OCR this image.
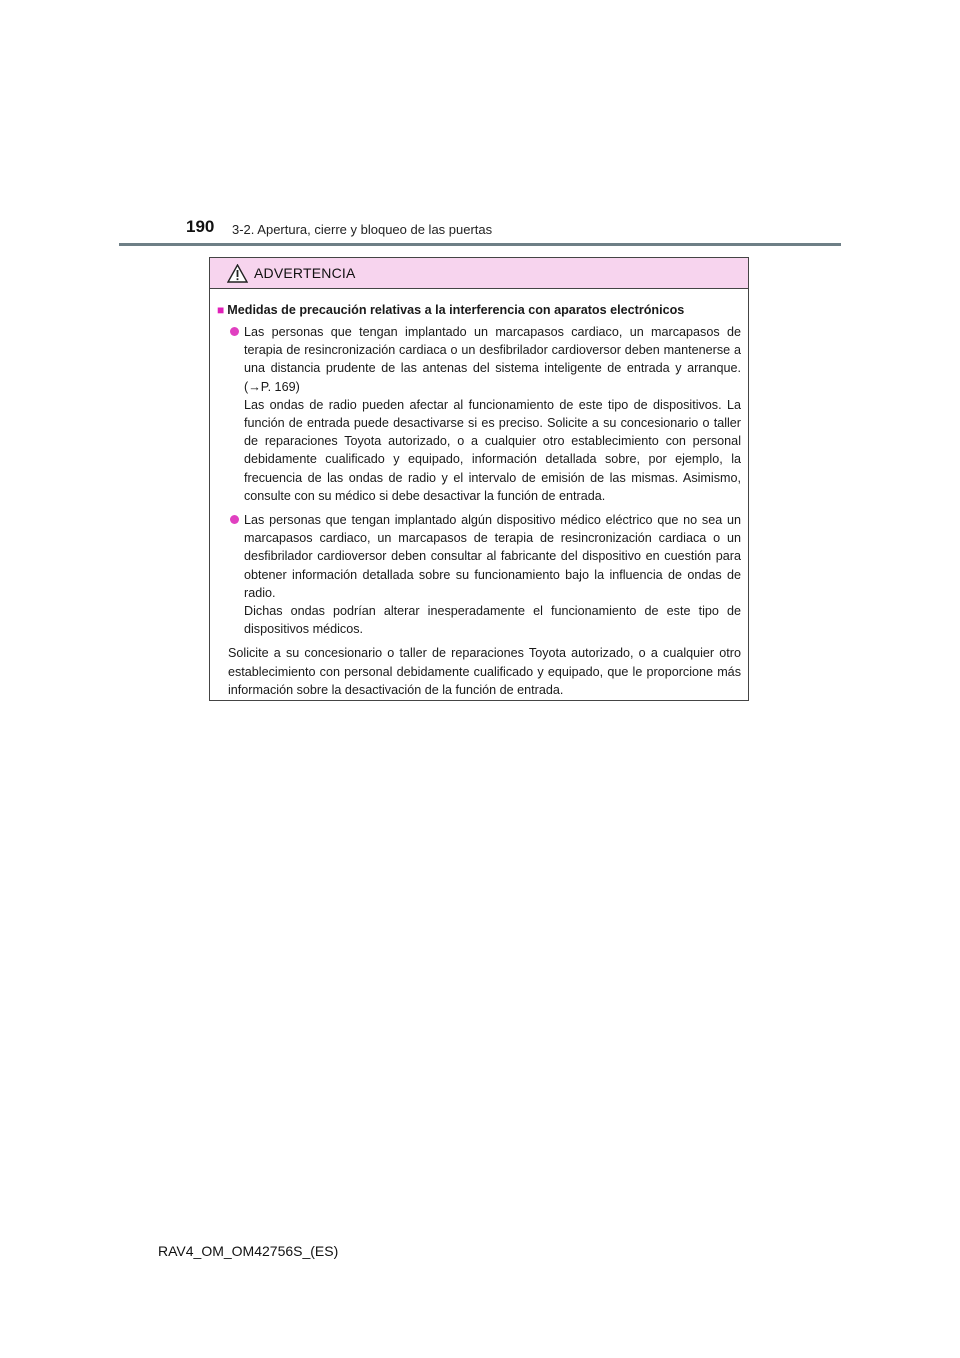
190 3-2. Apertura, cierre y bloqueo de las puertas
ADVERTENCIA
■ Medidas de precaución relativas a la interferencia con aparatos electrónicos

Las personas que tengan implantado un marcapasos cardiaco, un marcapasos de terapia de resincronización cardiaca o un desfibrilador cardioversor deben mantenerse a una distancia prudente de las antenas del sistema inteligente de entrada y arranque. (→P. 169)

Las ondas de radio pueden afectar al funcionamiento de este tipo de dispositivos. La función de entrada puede desactivarse si es preciso. Solicite a su concesionario o taller de reparaciones Toyota autorizado, o a cualquier otro establecimiento con personal debidamente cualificado y equipado, información detallada sobre, por ejemplo, la frecuencia de las ondas de radio y el intervalo de emisión de las mismas. Asimismo, consulte con su médico si debe desactivar la función de entrada.

Las personas que tengan implantado algún dispositivo médico eléctrico que no sea un marcapasos cardiaco, un marcapasos de terapia de resincronización cardiaca o un desfibrilador cardioversor deben consultar al fabricante del dispositivo en cuestión para obtener información detallada sobre su funcionamiento bajo la influencia de ondas de radio.

Dichas ondas podrían alterar inesperadamente el funcionamiento de este tipo de dispositivos médicos.

Solicite a su concesionario o taller de reparaciones Toyota autorizado, o a cualquier otro establecimiento con personal debidamente cualificado y equipado, que le proporcione más información sobre la desactivación de la función de entrada.
RAV4_OM_OM42756S_(ES)
